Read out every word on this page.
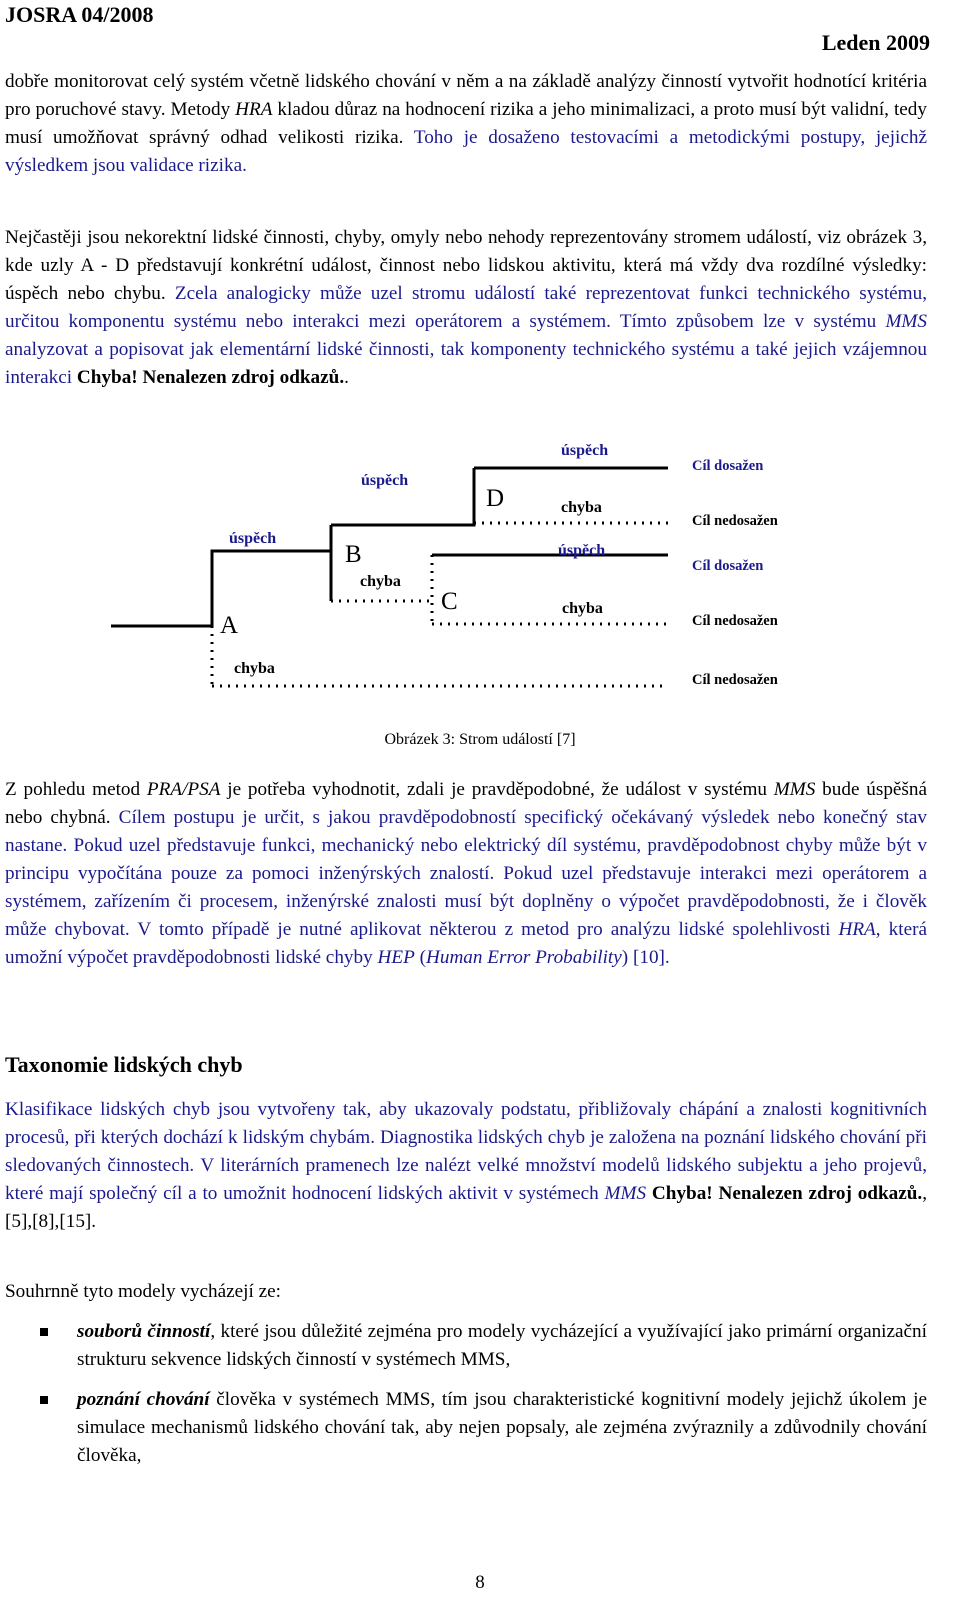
JOSRA 04/2008
Leden 2009

dobře monitorovat celý systém včetně lidského chování v něm a na základě analýzy činností vytvořit hodnotící kritéria pro poruchové stavy. Metody HRA kladou důraz na hodnocení rizika a jeho minimalizaci, a proto musí být validní, tedy musí umožňovat správný odhad velikosti rizika. Toho je dosaženo testovacími a metodickými postupy, jejichž výsledkem jsou validace rizika.

Nejčastěji jsou nekorektní lidské činnosti, chyby, omyly nebo nehody reprezentovány stromem událostí, viz obrázek 3, kde uzly A - D představují konkrétní událost, činnost nebo lidskou aktivitu, která má vždy dva rozdílné výsledky: úspěch nebo chybu. Zcela analogicky může uzel stromu událostí také reprezentovat funkci technického systému, určitou komponentu systému nebo interakci mezi operátorem a systémem. Tímto způsobem lze v systému MMS analyzovat a popisovat jak elementární lidské činnosti, tak komponenty technického systému a také jejich vzájemnou interakci Chyba! Nenalezen zdroj odkazů..

A
B
C
D
úspěch
chyba
úspěch
chyba
úspěch
chyba
úspěch
chyba
Cíl dosažen
Cíl nedosažen
Cíl dosažen
Cíl nedosažen
Cíl nedosažen
Obrázek 3: Strom událostí [7]

Z pohledu metod PRA/PSA je potřeba vyhodnotit, zdali je pravděpodobné, že událost v systému MMS bude úspěšná nebo chybná. Cílem postupu je určit, s jakou pravděpodobností specifický očekávaný výsledek nebo konečný stav nastane. Pokud uzel představuje funkci, mechanický nebo elektrický díl systému, pravděpodobnost chyby může být v principu vypočítána pouze za pomoci inženýrských znalostí. Pokud uzel představuje interakci mezi operátorem a systémem, zařízením či procesem, inženýrské znalosti musí být doplněny o výpočet pravděpodobnosti, že i člověk může chybovat. V tomto případě je nutné aplikovat některou z metod pro analýzu lidské spolehlivosti HRA, která umožní výpočet pravděpodobnosti lidské chyby HEP (Human Error Probability) [10].

Taxonomie lidských chyb

Klasifikace lidských chyb jsou vytvořeny tak, aby ukazovaly podstatu, přibližovaly chápání a znalosti kognitivních procesů, při kterých dochází k lidským chybám. Diagnostika lidských chyb je založena na poznání lidského chování při sledovaných činnostech. V literárních pramenech lze nalézt velké množství modelů lidského subjektu a jeho projevů, které mají společný cíl a to umožnit hodnocení lidských aktivit v systémech MMS Chyba! Nenalezen zdroj odkazů.,[5],[8],[15].

Souhrnně tyto modely vycházejí ze:

souborů činností, které jsou důležité zejména pro modely vycházející a využívající jako primární organizační strukturu sekvence lidských činností v systémech MMS,

poznání chování člověka v systémech MMS, tím jsou charakteristické kognitivní modely jejichž úkolem je simulace mechanismů lidského chování tak, aby nejen popsaly, ale zejména zvýraznily a zdůvodnily chování člověka,

8
